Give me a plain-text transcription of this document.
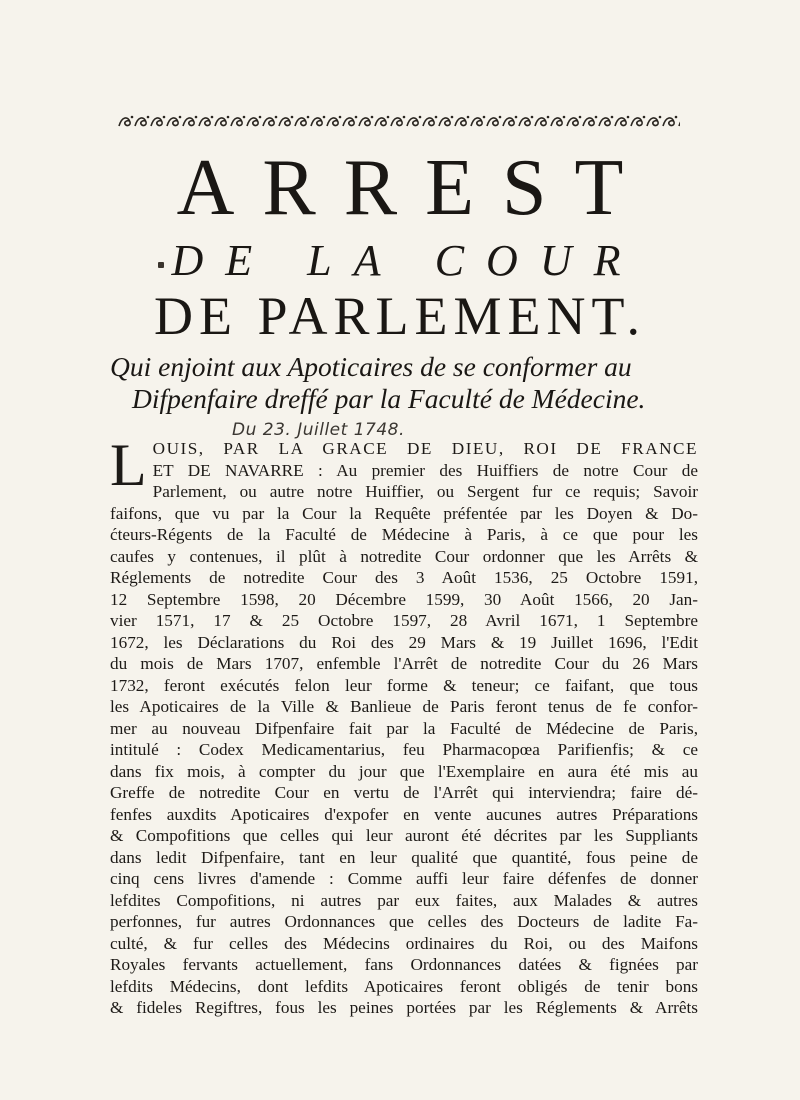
ARREST
DE LA COUR
DE PARLEMENT.
Qui enjoint aux Apoticaires de se conformer au
Difpenfaire dreffé par la Faculté de Médecine.
Du 23. Juillet 1748.
L OUIS, PAR LA GRACE DE DIEU, ROI DE FRANCE
ET DE NAVARRE : Au premier des Huiffiers de notre Cour de
Parlement, ou autre notre Huiffier, ou Sergent fur ce requis; Savoir
faifons, que vu par la Cour la Requête préfentée par les Doyen & Do-
ćteurs-Régents de la Faculté de Médecine à Paris, à ce que pour les
caufes y contenues, il plût à notredite Cour ordonner que les Arrêts &
Réglements de notredite Cour des 3 Août 1536, 25 Octobre 1591,
12 Septembre 1598, 20 Décembre 1599, 30 Août 1566, 20 Jan-
vier 1571, 17 & 25 Octobre 1597, 28 Avril 1671, 1 Septembre
1672, les Déclarations du Roi des 29 Mars & 19 Juillet 1696, l'Edit
du mois de Mars 1707, enfemble l'Arrêt de notredite Cour du 26 Mars
1732, feront exécutés felon leur forme & teneur; ce faifant, que tous
les Apoticaires de la Ville & Banlieue de Paris feront tenus de fe confor-
mer au nouveau Difpenfaire fait par la Faculté de Médecine de Paris,
intitulé : Codex Medicamentarius, feu Pharmacopœa Parifienfis; & ce
dans fix mois, à compter du jour que l'Exemplaire en aura été mis au
Greffe de notredite Cour en vertu de l'Arrêt qui interviendra; faire dé-
fenfes auxdits Apoticaires d'expofer en vente aucunes autres Préparations
& Compofitions que celles qui leur auront été décrites par les Suppliants
dans ledit Difpenfaire, tant en leur qualité que quantité, fous peine de
cinq cens livres d'amende : Comme auffi leur faire défenfes de donner
lefdites Compofitions, ni autres par eux faites, aux Malades & autres
perfonnes, fur autres Ordonnances que celles des Docteurs de ladite Fa-
culté, & fur celles des Médecins ordinaires du Roi, ou des Maifons
Royales fervants actuellement, fans Ordonnances datées & fignées par
lefdits Médecins, dont lefdits Apoticaires feront obligés de tenir bons
& fideles Regiftres, fous les peines portées par les Réglements & Arrêts
